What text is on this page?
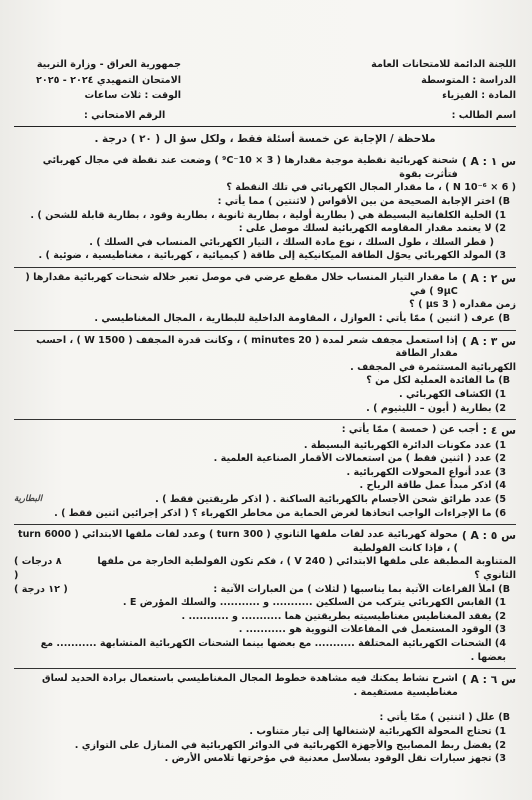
اللجنة الدائمة للامتحانات العامة
الدراسة : المتوسطة
المادة : الفيزياء
جمهورية العراق - وزارة التربية
الامتحان التمهيدي ٢٠٢٤ - ٢٠٢٥
الوقت : ثلاث ساعات
اسم الطالب :
الرقم الامتحاني :
ملاحظة / الإجابة عن خمسة أسئلة فقط ، ولكل سؤ ال ( ٢٠ ) درجة .
س ١ : A )
شحنة كهربائية نقطية موجبة مقدارها ( 3 × 10⁻⁹C ) وضعت عند نقطة في مجال كهربائي فتأثرت بقوة
( 6 × 10⁻⁶ N ) ، ما مقدار المجال الكهربائي في تلك النقطة ؟
B) اختر الإجابة الصحيحة من بين الأقواس ( لاثنتين ) مما يأتي :
1) الخلية الكلفانية البسيطة هي ( بطارية أولية ، بطارية ثانوية ، بطارية وقود ، بطارية قابلة للشحن ) .
2) لا يعتمد مقدار المقاومه الكهربائية لسلك موصل على :
( قطر السلك ، طول السلك ، نوع مادة السلك ، التيار الكهربائي المنساب في السلك ) .
3) المولد الكهربائي يحوّل الطاقة الميكانيكية إلى طاقة ( كيميائية ، كهربائية ، مغناطيسية ، ضوئية ) .
س ٢ : A )
ما مقدار التيار المنساب خلال مقطع عرضي في موصل تعبر خلاله شحنات كهربائية مقدارها ( 9μC ) في
زمن مقداره ( 3 μs ) ؟
B) عرف ( اثنين ) ممّا يأتي : العوازل ، المقاومة الداخلية للبطارية ، المجال المغناطيسي .
س ٣ : A )
إذا استعمل مجفف شعر لمدة ( 20 minutes ) ، وكانت قدرة المجفف ( 1500 W ) ، احسب مقدار الطاقة
الكهربائية المستثمرة في المجفف .
B) ما الفائدة العملية لكل من ؟
1) الكشاف الكهربائي .
2) بطارية ( أيون – الليثيوم ) .
س ٤ :
أجب عن ( خمسة ) ممّا يأتي :
1) عدد مكونات الدائرة الكهربائية البسيطة .
2) عدد ( اثنين فقط ) من استعمالات الأقمار الصناعية العلمية .
3) عدد أنواع المحولات الكهربائية .
4) اذكر مبدأ عمل طاقة الرياح .
5) عدد طرائق شحن الأجسام بالكهربائية الساكنة . ( اذكر طريقتين فقط ) .
البطارية
6) ما الإجراءات الواجب اتخاذها لغرض الحماية من مخاطر الكهرباء ؟ ( اذكر إجرائين اثنين فقط ) .
س ٥ : A )
محولة كهربائية عدد لفات ملفها الثانوي ( 300 turn ) وعدد لفات ملفها الابتدائي ( 6000 turn ) ، فإذا كانت الفولطية
المتناوبة المطبقة على ملفها الابتدائي ( 240 V ) ، فكم تكون الفولطية الخارجة من ملفها الثانوي ؟
( ٨ درجات )
B) املأ الفراغات الآتية بما يناسبها ( لثلاث ) من العبارات الآتية :
( ١٢ درجة )
1) القابس الكهربائي يتركب من السلكين ........... و ........... والسلك المؤرض E .
2) يفقد المغناطيس مغناطيسيته بطريقتين هما ........... و ........... .
3) الوقود المستعمل في المفاعلات النووية هو ........... .
4) الشحنات الكهربائية المختلفة ........... مع بعضها بينما الشحنات الكهربائية المتشابهة ........... مع بعضها .
س ٦ : A )
اشرح نشاط يمكنك فيه مشاهدة خطوط المجال المغناطيسي باستعمال برادة الحديد لساق مغناطيسية مستقيمة .
B) علل ( اثنتين ) ممّا يأتي :
1) تحتاج المحولة الكهربائية لإشتغالها إلى تيار متناوب .
2) يفضل ربط المصابيح والأجهزة الكهربائية في الدوائر الكهربائية في المنازل على التوازي .
3) تجهز سيارات نقل الوقود بسلاسل معدنية في مؤخرتها تلامس الأرض .
